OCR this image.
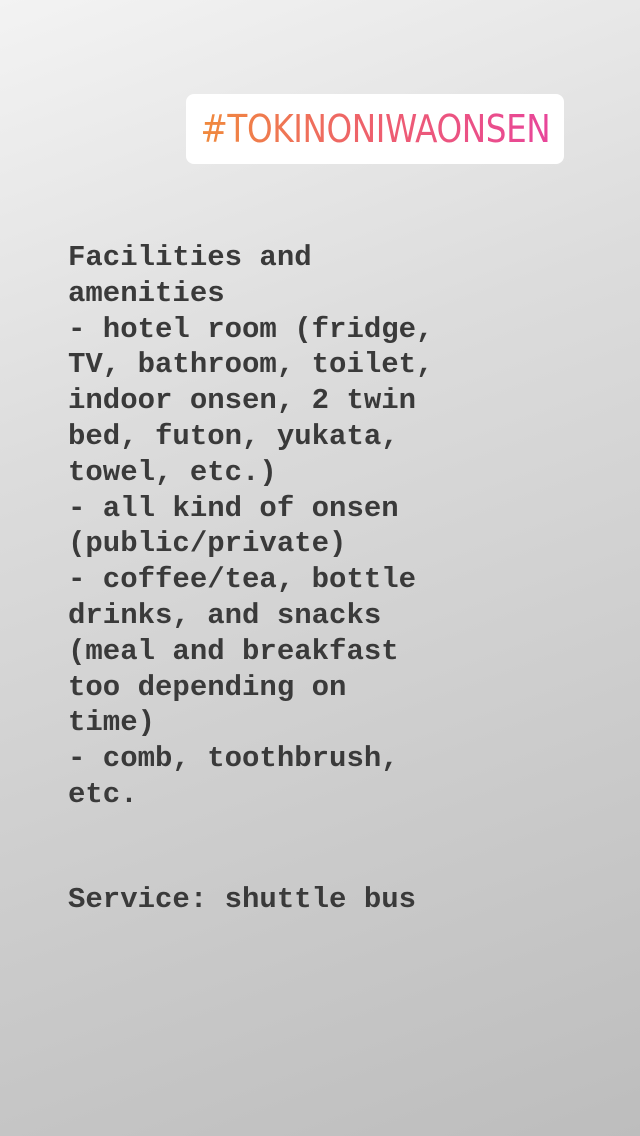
#TOKINONIWAONSEN
Facilities and
amenities
- hotel room (fridge,
TV, bathroom, toilet,
indoor onsen, 2 twin
bed, futon, yukata,
towel, etc.)
- all kind of onsen
(public/private)
- coffee/tea, bottle
drinks, and snacks
(meal and breakfast
too depending on
time)
- comb, toothbrush,
etc.
Service: shuttle bus
